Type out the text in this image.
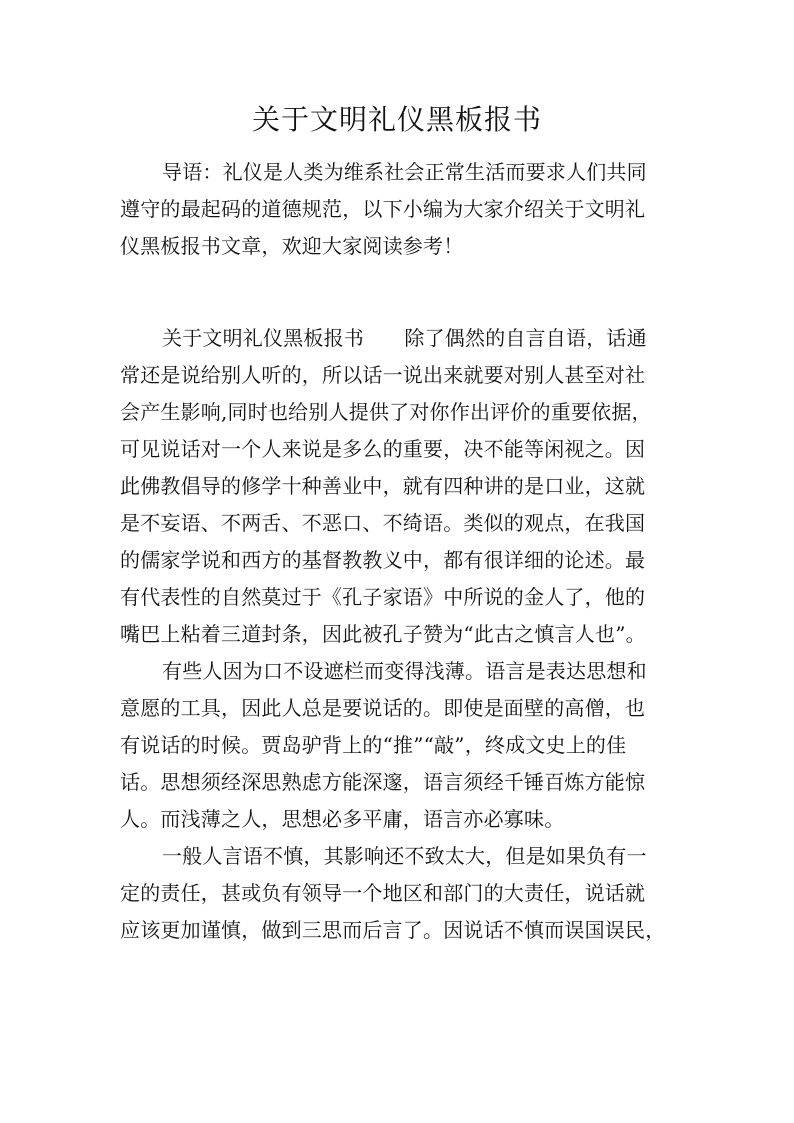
关于文明礼仪黑板报书
导语：礼仪是人类为维系社会正常生活而要求人们共同
遵守的最起码的道德规范，以下小编为大家介绍关于文明礼
仪黑板报书文章，欢迎大家阅读参考！
关于文明礼仪黑板报书　　除了偶然的自言自语，话通
常还是说给别人听的，所以话一说出来就要对别人甚至对社
会产生影响,同时也给别人提供了对你作出评价的重要依据，
可见说话对一个人来说是多么的重要，决不能等闲视之。因
此佛教倡导的修学十种善业中，就有四种讲的是口业，这就
是不妄语、不两舌、不恶口、不绮语。类似的观点，在我国
的儒家学说和西方的基督教教义中，都有很详细的论述。最
有代表性的自然莫过于《孔子家语》中所说的金人了，他的
嘴巴上粘着三道封条，因此被孔子赞为“此古之慎言人也”。
有些人因为口不设遮栏而变得浅薄。语言是表达思想和
意愿的工具，因此人总是要说话的。即使是面壁的高僧，也
有说话的时候。贾岛驴背上的“推”“敲”，终成文史上的佳
话。思想须经深思熟虑方能深邃，语言须经千锤百炼方能惊
人。而浅薄之人，思想必多平庸，语言亦必寡味。
一般人言语不慎，其影响还不致太大，但是如果负有一
定的责任，甚或负有领导一个地区和部门的大责任，说话就
应该更加谨慎，做到三思而后言了。因说话不慎而误国误民，
